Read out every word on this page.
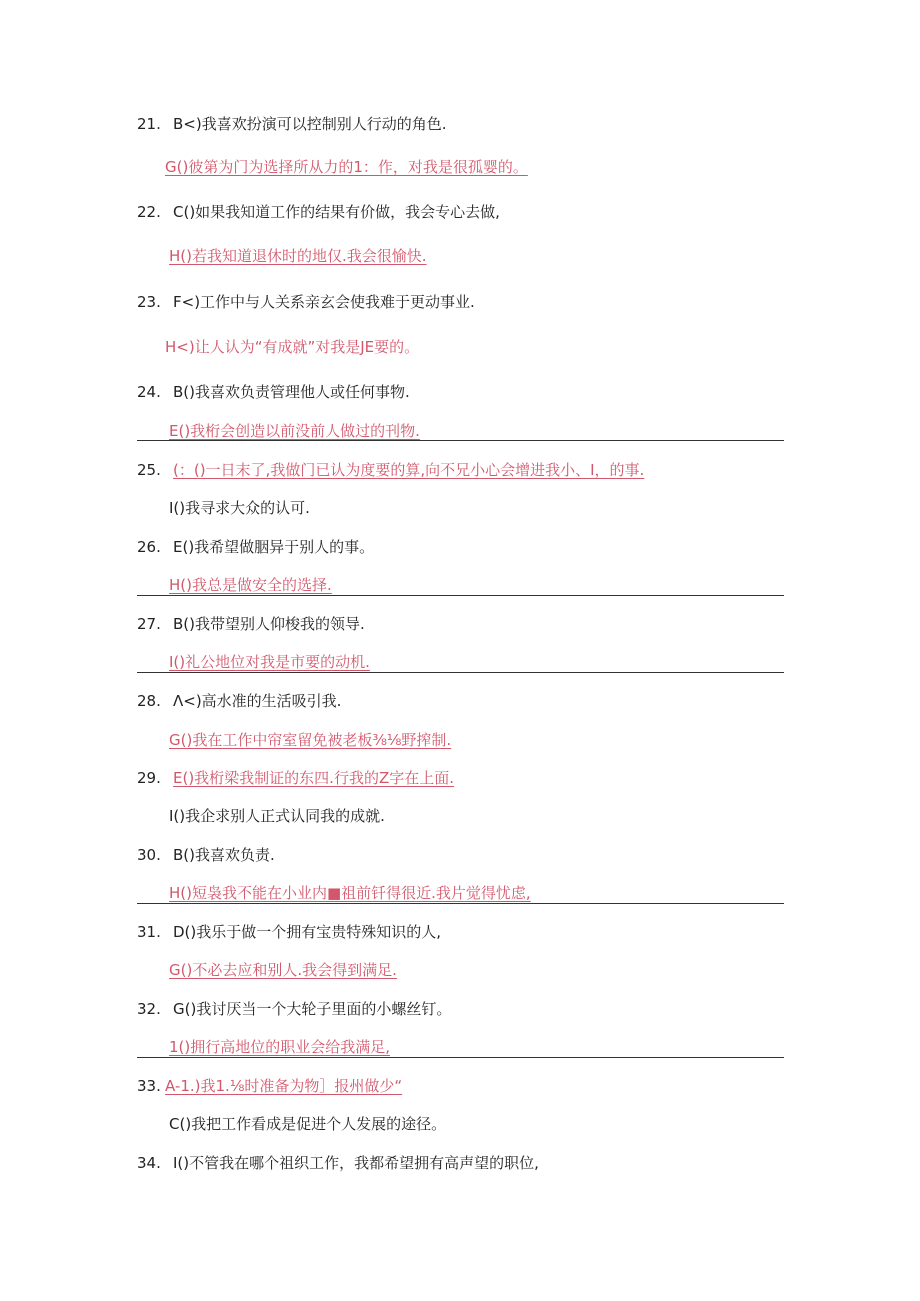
21. B<)我喜欢扮演可以控制别人行动的角色.
G()彼第为门为选择所从力的1：作，对我是很孤婴的。
22. C()如果我知道工作的结果有价做，我会专心去做,
H()若我知道退休时的地仅.我会很愉快.
23. F<)工作中与人关系亲玄会使我难于更动事业.
H<)让人认为“有成就”对我是JE要的。
24. B()我喜欢负责管理他人或任何事物.
E()我桁会创造以前没前人做过的刊物.
25. (：()一日末了,我做门已认为度要的算,向不兄小心会增进我小、I，的事.
I()我寻求大众的认可.
26. E()我希望做胭异于别人的事。
H()我总是做安全的选择.
27. B()我带望别人仰梭我的领导.
I()礼公地位对我是市要的动机.
28. Λ<)高水准的生活吸引我.
G()我在工作中帘室留免被老板⅜⅛野搾制.
29. E()我桁梁我制证的东四.行我的Z字在上面.
I()我企求别人正式认同我的成就.
30. B()我喜欢负责.
H()短袅我不能在小业内■祖前钎得很近.我片觉得忧虑,
31. D()我乐于做一个拥有宝贵特殊知识的人,
G()不必去应和别人.我会得到满足.
32. G()我讨厌当一个大轮子里面的小螺丝钉。
1()拥行高地位的职业会给我满足,
33. A-1.)我1.⅛时准备为物］报州做少“
C()我把工作看成是促进个人发展的途径。
34. I()不管我在哪个祖织工作，我都希望拥有高声望的职位,
